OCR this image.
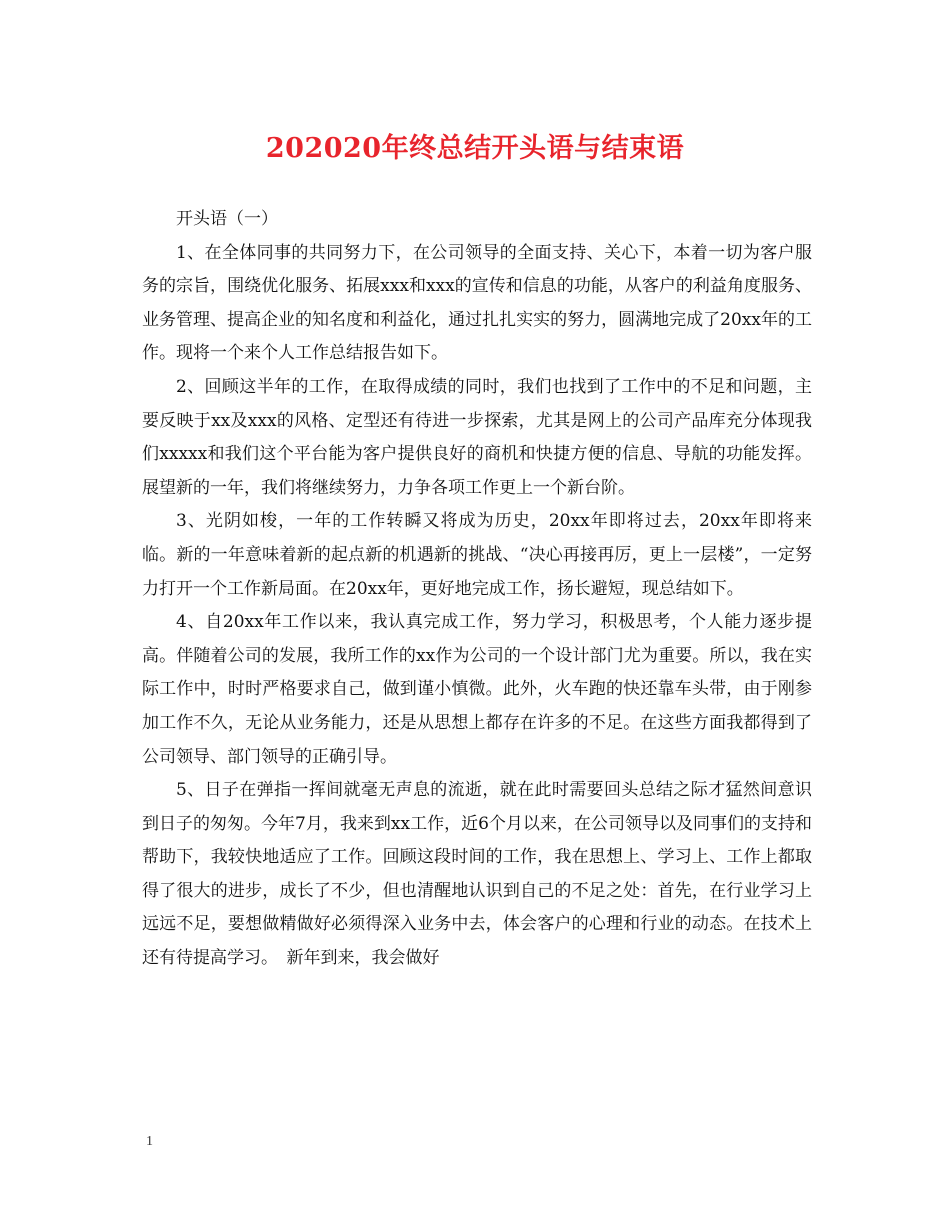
202020年终总结开头语与结束语

开头语（一）

1、在全体同事的共同努力下，在公司领导的全面支持、关心下，本着一切为客户服务的宗旨，围绕优化服务、拓展xxx和xxx的宣传和信息的功能，从客户的利益角度服务、业务管理、提高企业的知名度和利益化，通过扎扎实实的努力，圆满地完成了20xx年的工作。现将一个来个人工作总结报告如下。

2、回顾这半年的工作，在取得成绩的同时，我们也找到了工作中的不足和问题，主要反映于xx及xxx的风格、定型还有待进一步探索，尤其是网上的公司产品库充分体现我们xxxxx和我们这个平台能为客户提供良好的商机和快捷方便的信息、导航的功能发挥。展望新的一年，我们将继续努力，力争各项工作更上一个新台阶。

3、光阴如梭，一年的工作转瞬又将成为历史，20xx年即将过去，20xx年即将来临。新的一年意味着新的起点新的机遇新的挑战、“决心再接再厉，更上一层楼”，一定努力打开一个工作新局面。在20xx年，更好地完成工作，扬长避短，现总结如下。

4、自20xx年工作以来，我认真完成工作，努力学习，积极思考，个人能力逐步提高。伴随着公司的发展，我所工作的xx作为公司的一个设计部门尤为重要。所以，我在实际工作中，时时严格要求自己，做到谨小慎微。此外，火车跑的快还靠车头带，由于刚参加工作不久，无论从业务能力，还是从思想上都存在许多的不足。在这些方面我都得到了公司领导、部门领导的正确引导。

5、日子在弹指一挥间就毫无声息的流逝，就在此时需要回头总结之际才猛然间意识到日子的匆匆。今年7月，我来到xx工作，近6个月以来，在公司领导以及同事们的支持和帮助下，我较快地适应了工作。回顾这段时间的工作，我在思想上、学习上、工作上都取得了很大的进步，成长了不少，但也清醒地认识到自己的不足之处：首先，在行业学习上远远不足，要想做精做好必须得深入业务中去，体会客户的心理和行业的动态。在技术上还有待提高学习。　新年到来，我会做好

1
